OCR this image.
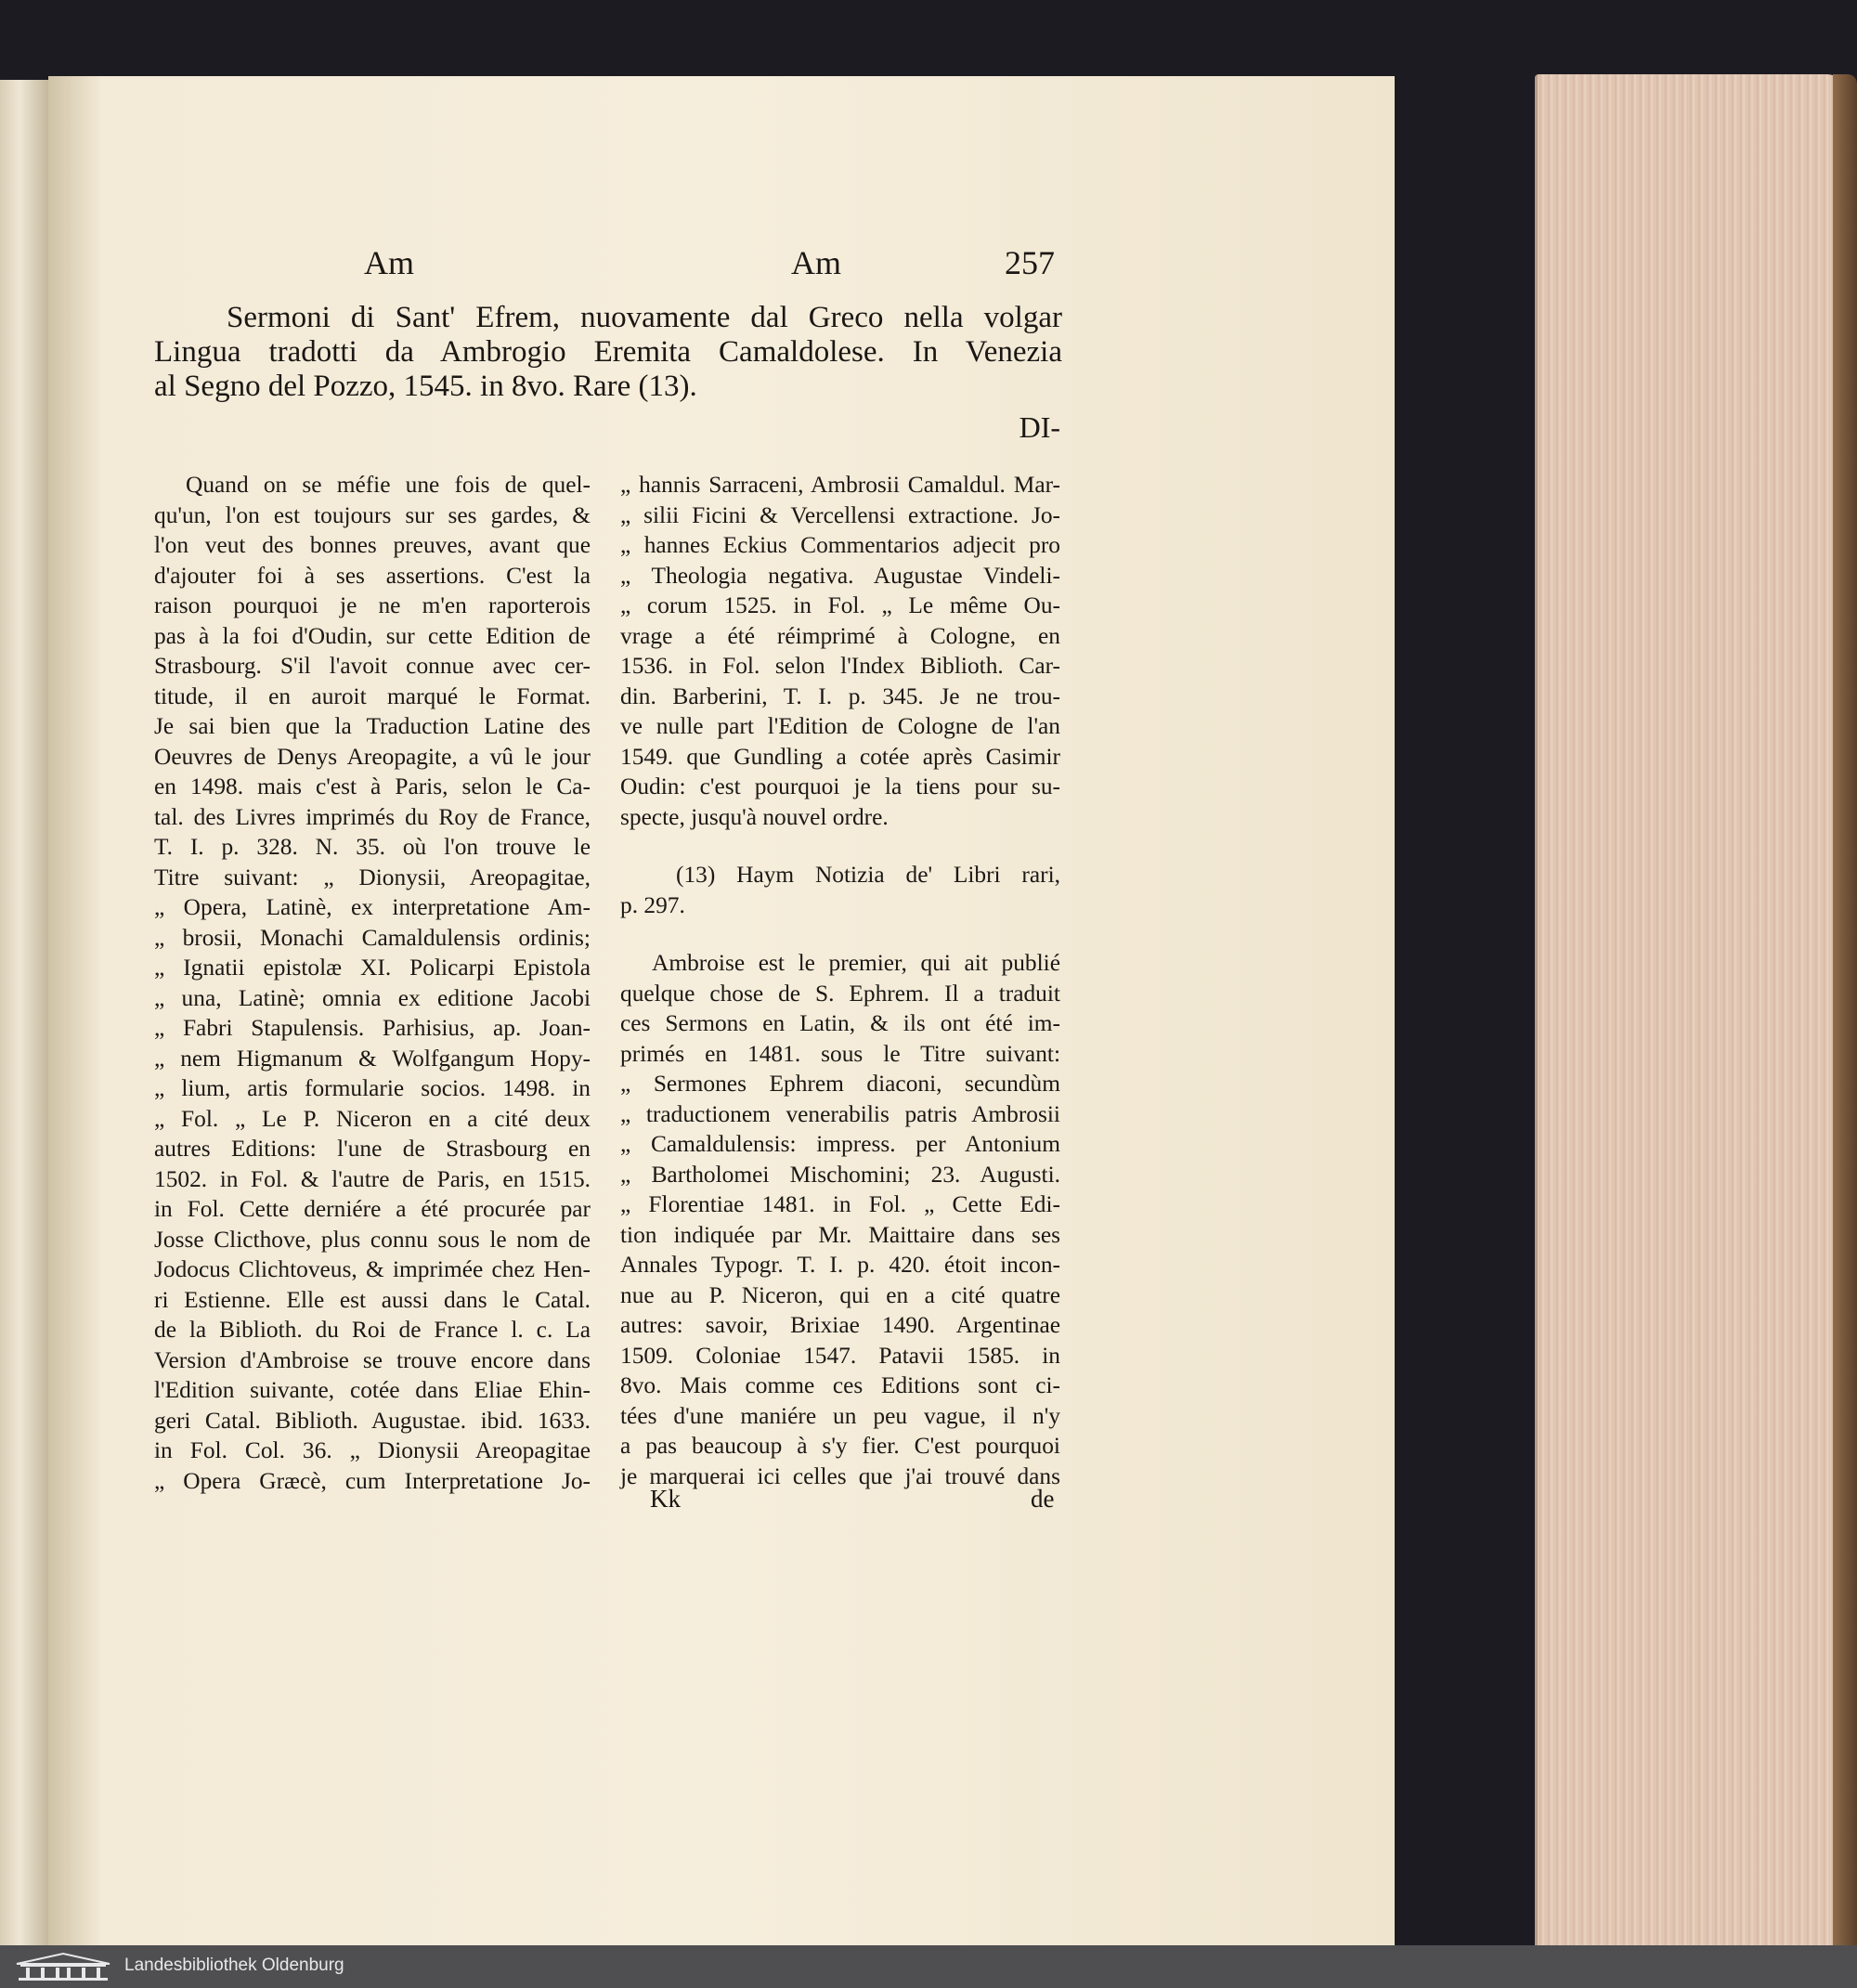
Am	Am	257
Sermoni di Sant' Efrem, nuovamente dal Greco nella volgar
Lingua tradotti da Ambrogio Eremita Camaldolese. In Venezia
al Segno del Pozzo, 1545. in 8vo. Rare (13).
DI-
Quand on se méfie une fois de quel-
qu'un, l'on est toujours sur ses gardes, &
l'on veut des bonnes preuves, avant que
d'ajouter foi à ses assertions. C'est la
raison pourquoi je ne m'en raporterois
pas à la foi d'Oudin, sur cette Edition de
Strasbourg. S'il l'avoit connue avec cer-
titude, il en auroit marqué le Format.
Je sai bien que la Traduction Latine des
Oeuvres de Denys Areopagite, a vû le jour
en 1498. mais c'est à Paris, selon le Ca-
tal. des Livres imprimés du Roy de France,
T. I. p. 328. N. 35. où l'on trouve le
Titre suivant: „ Dionysii, Areopagitae,
„ Opera, Latinè, ex interpretatione Am-
„ brosii, Monachi Camaldulensis ordinis;
„ Ignatii epistolæ XI. Policarpi Epistola
„ una, Latinè; omnia ex editione Jacobi
„ Fabri Stapulensis. Parhisius, ap. Joan-
„ nem Higmanum & Wolfgangum Hopy-
„ lium, artis formularie socios. 1498. in
„ Fol. „ Le P. Niceron en a cité deux
autres Editions: l'une de Strasbourg en
1502. in Fol. & l'autre de Paris, en 1515.
in Fol. Cette derniére a été procurée par
Josse Clicthove, plus connu sous le nom de
Jodocus Clichtoveus, & imprimée chez Hen-
ri Estienne. Elle est aussi dans le Catal.
de la Biblioth. du Roi de France l. c. La
Version d'Ambroise se trouve encore dans
l'Edition suivante, cotée dans Eliae Ehin-
geri Catal. Biblioth. Augustae. ibid. 1633.
in Fol. Col. 36. „ Dionysii Areopagitae
„ Opera Græcè, cum Interpretatione Jo-
„ hannis Sarraceni, Ambrosii Camaldul. Mar-
„ silii Ficini & Vercellensi extractione. Jo-
„ hannes Eckius Commentarios adjecit pro
„ Theologia negativa. Augustae Vindeli-
„ corum 1525. in Fol. „ Le même Ou-
vrage a été réimprimé à Cologne, en
1536. in Fol. selon l'Index Biblioth. Car-
din. Barberini, T. I. p. 345. Je ne trou-
ve nulle part l'Edition de Cologne de l'an
1549. que Gundling a cotée après Casimir
Oudin: c'est pourquoi je la tiens pour su-
specte, jusqu'à nouvel ordre.
(13) Haym Notizia de' Libri rari,
p. 297.
Ambroise est le premier, qui ait publié
quelque chose de S. Ephrem. Il a traduit
ces Sermons en Latin, & ils ont été im-
primés en 1481. sous le Titre suivant:
„ Sermones Ephrem diaconi, secundùm
„ traductionem venerabilis patris Ambrosii
„ Camaldulensis: impress. per Antonium
„ Bartholomei Mischomini; 23. Augusti.
„ Florentiae 1481. in Fol. „ Cette Edi-
tion indiquée par Mr. Maittaire dans ses
Annales Typogr. T. I. p. 420. étoit incon-
nue au P. Niceron, qui en a cité quatre
autres: savoir, Brixiae 1490. Argentinae
1509. Coloniae 1547. Patavii 1585. in
8vo. Mais comme ces Editions sont ci-
tées d'une maniére un peu vague, il n'y
a pas beaucoup à s'y fier. C'est pourquoi
je marquerai ici celles que j'ai trouvé dans
Kk	de
Landesbibliothek Oldenburg
